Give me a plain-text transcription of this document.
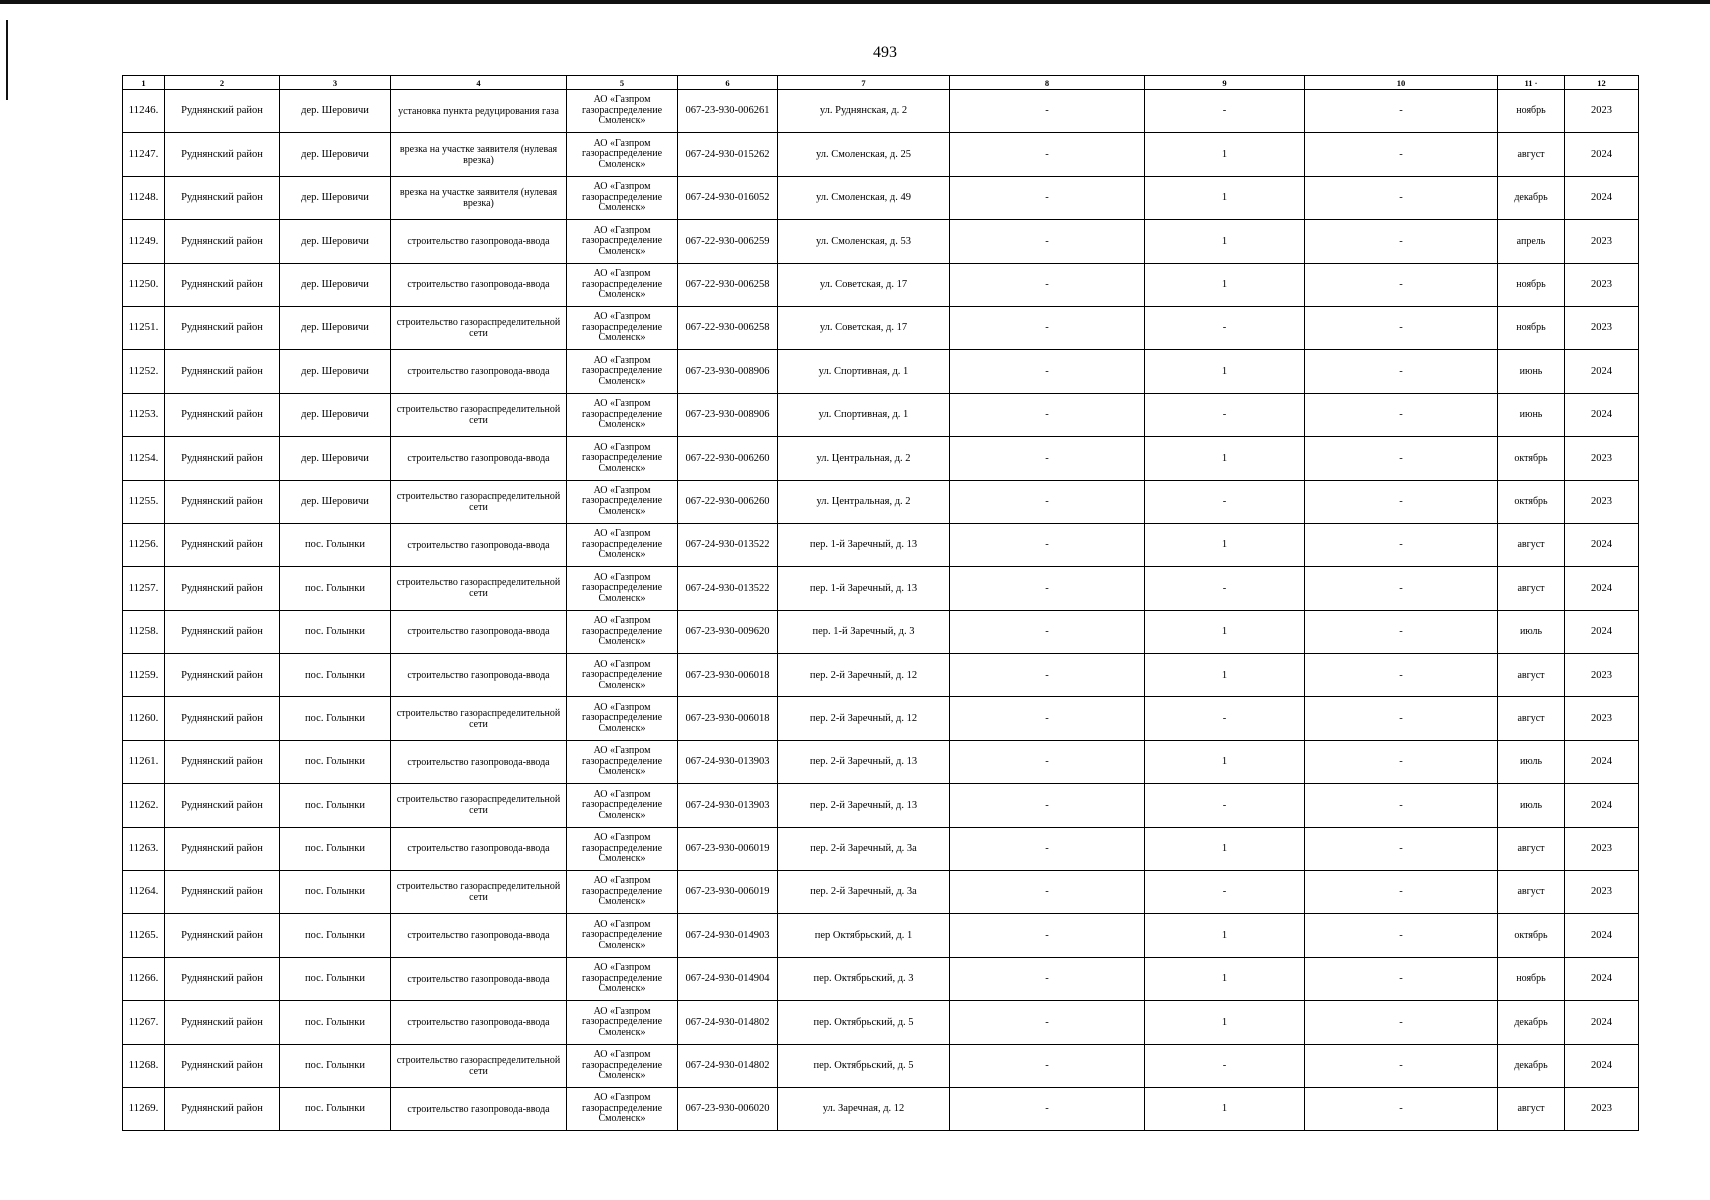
493
1	2	3	4	5	6	7	8	9	10	11 ·	12
11246.	Руднянский район	дер. Шеровичи	установка пункта редуцирования газа	АО «Газпром газораспределение Смоленск»	067-23-930-006261	ул. Руднянская, д. 2	-	-	-	ноябрь	2023
11247.	Руднянский район	дер. Шеровичи	врезка на участке заявителя (нулевая врезка)	АО «Газпром газораспределение Смоленск»	067-24-930-015262	ул. Смоленская, д. 25	-	1	-	август	2024
11248.	Руднянский район	дер. Шеровичи	врезка на участке заявителя (нулевая врезка)	АО «Газпром газораспределение Смоленск»	067-24-930-016052	ул. Смоленская, д. 49	-	1	-	декабрь	2024
11249.	Руднянский район	дер. Шеровичи	строительство газопровода-ввода	АО «Газпром газораспределение Смоленск»	067-22-930-006259	ул. Смоленская, д. 53	-	1	-	апрель	2023
11250.	Руднянский район	дер. Шеровичи	строительство газопровода-ввода	АО «Газпром газораспределение Смоленск»	067-22-930-006258	ул. Советская, д. 17	-	1	-	ноябрь	2023
11251.	Руднянский район	дер. Шеровичи	строительство газораспределительной сети	АО «Газпром газораспределение Смоленск»	067-22-930-006258	ул. Советская, д. 17	-	-	-	ноябрь	2023
11252.	Руднянский район	дер. Шеровичи	строительство газопровода-ввода	АО «Газпром газораспределение Смоленск»	067-23-930-008906	ул. Спортивная, д. 1	-	1	-	июнь	2024
11253.	Руднянский район	дер. Шеровичи	строительство газораспределительной сети	АО «Газпром газораспределение Смоленск»	067-23-930-008906	ул. Спортивная, д. 1	-	-	-	июнь	2024
11254.	Руднянский район	дер. Шеровичи	строительство газопровода-ввода	АО «Газпром газораспределение Смоленск»	067-22-930-006260	ул. Центральная, д. 2	-	1	-	октябрь	2023
11255.	Руднянский район	дер. Шеровичи	строительство газораспределительной сети	АО «Газпром газораспределение Смоленск»	067-22-930-006260	ул. Центральная, д. 2	-	-	-	октябрь	2023
11256.	Руднянский район	пос. Голынки	строительство газопровода-ввода	АО «Газпром газораспределение Смоленск»	067-24-930-013522	пер. 1-й Заречный, д. 13	-	1	-	август	2024
11257.	Руднянский район	пос. Голынки	строительство газораспределительной сети	АО «Газпром газораспределение Смоленск»	067-24-930-013522	пер. 1-й Заречный, д. 13	-	-	-	август	2024
11258.	Руднянский район	пос. Голынки	строительство газопровода-ввода	АО «Газпром газораспределение Смоленск»	067-23-930-009620	пер. 1-й Заречный, д. 3	-	1	-	июль	2024
11259.	Руднянский район	пос. Голынки	строительство газопровода-ввода	АО «Газпром газораспределение Смоленск»	067-23-930-006018	пер. 2-й Заречный, д. 12	-	1	-	август	2023
11260.	Руднянский район	пос. Голынки	строительство газораспределительной сети	АО «Газпром газораспределение Смоленск»	067-23-930-006018	пер. 2-й Заречный, д. 12	-	-	-	август	2023
11261.	Руднянский район	пос. Голынки	строительство газопровода-ввода	АО «Газпром газораспределение Смоленск»	067-24-930-013903	пер. 2-й Заречный, д. 13	-	1	-	июль	2024
11262.	Руднянский район	пос. Голынки	строительство газораспределительной сети	АО «Газпром газораспределение Смоленск»	067-24-930-013903	пер. 2-й Заречный, д. 13	-	-	-	июль	2024
11263.	Руднянский район	пос. Голынки	строительство газопровода-ввода	АО «Газпром газораспределение Смоленск»	067-23-930-006019	пер. 2-й Заречный, д. 3а	-	1	-	август	2023
11264.	Руднянский район	пос. Голынки	строительство газораспределительной сети	АО «Газпром газораспределение Смоленск»	067-23-930-006019	пер. 2-й Заречный, д. 3а	-	-	-	август	2023
11265.	Руднянский район	пос. Голынки	строительство газопровода-ввода	АО «Газпром газораспределение Смоленск»	067-24-930-014903	пер Октябрьский, д. 1	-	1	-	октябрь	2024
11266.	Руднянский район	пос. Голынки	строительство газопровода-ввода	АО «Газпром газораспределение Смоленск»	067-24-930-014904	пер. Октябрьский, д. 3	-	1	-	ноябрь	2024
11267.	Руднянский район	пос. Голынки	строительство газопровода-ввода	АО «Газпром газораспределение Смоленск»	067-24-930-014802	пер. Октябрьский, д. 5	-	1	-	декабрь	2024
11268.	Руднянский район	пос. Голынки	строительство газораспределительной сети	АО «Газпром газораспределение Смоленск»	067-24-930-014802	пер. Октябрьский, д. 5	-	-	-	декабрь	2024
11269.	Руднянский район	пос. Голынки	строительство газопровода-ввода	АО «Газпром газораспределение Смоленск»	067-23-930-006020	ул. Заречная, д. 12	-	1	-	август	2023
